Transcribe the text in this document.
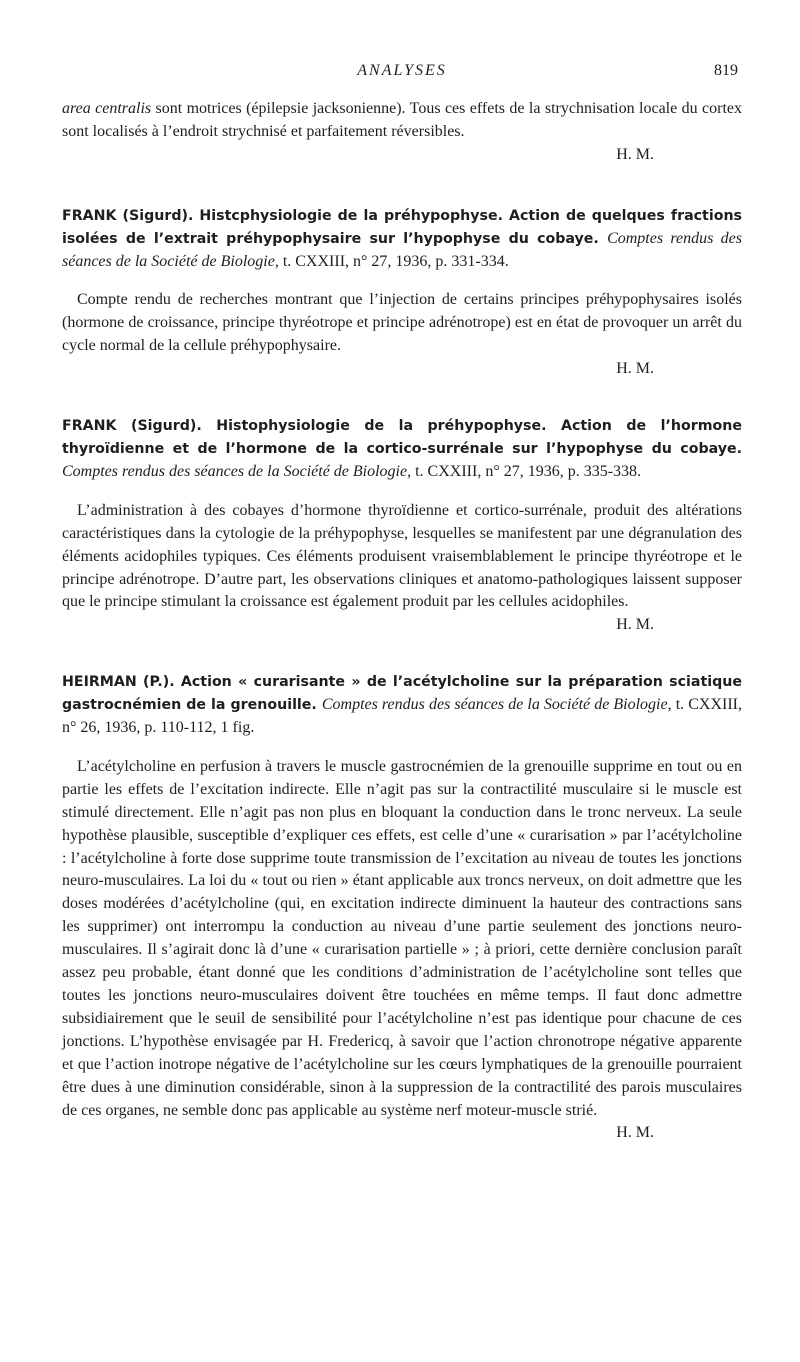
ANALYSES	819

area centralis sont motrices (épilepsie jacksonienne). Tous ces effets de la strychnisation locale du cortex sont localisés à l’endroit strychnisé et parfaitement réversibles.

H. M.

FRANK (Sigurd). Histcphysiologie de la préhypophyse. Action de quelques fractions isolées de l’extrait préhypophysaire sur l’hypophyse du cobaye. Comptes rendus des séances de la Société de Biologie, t. CXXIII, n° 27, 1936, p. 331-334.

Compte rendu de recherches montrant que l’injection de certains principes préhypophysaires isolés (hormone de croissance, principe thyréotrope et principe adrénotrope) est en état de provoquer un arrêt du cycle normal de la cellule préhypophysaire.

H. M.

FRANK (Sigurd). Histophysiologie de la préhypophyse. Action de l’hormone thyroïdienne et de l’hormone de la cortico-surrénale sur l’hypophyse du cobaye. Comptes rendus des séances de la Société de Biologie, t. CXXIII, n° 27, 1936, p. 335-338.

L’administration à des cobayes d’hormone thyroïdienne et cortico-surrénale, produit des altérations caractéristiques dans la cytologie de la préhypophyse, lesquelles se manifestent par une dégranulation des éléments acidophiles typiques. Ces éléments produisent vraisemblablement le principe thyréotrope et le principe adrénotrope. D’autre part, les observations cliniques et anatomo-pathologiques laissent supposer que le principe stimulant la croissance est également produit par les cellules acidophiles.

H. M.

HEIRMAN (P.). Action « curarisante » de l’acétylcholine sur la préparation sciatique gastrocnémien de la grenouille. Comptes rendus des séances de la Société de Biologie, t. CXXIII, n° 26, 1936, p. 110-112, 1 fig.

L’acétylcholine en perfusion à travers le muscle gastrocnémien de la grenouille supprime en tout ou en partie les effets de l’excitation indirecte. Elle n’agit pas sur la contractilité musculaire si le muscle est stimulé directement. Elle n’agit pas non plus en bloquant la conduction dans le tronc nerveux. La seule hypothèse plausible, susceptible d’expliquer ces effets, est celle d’une « curarisation » par l’acétylcholine : l’acétylcholine à forte dose supprime toute transmission de l’excitation au niveau de toutes les jonctions neuro-musculaires. La loi du « tout ou rien » étant applicable aux troncs nerveux, on doit admettre que les doses modérées d’acétylcholine (qui, en excitation indirecte diminuent la hauteur des contractions sans les supprimer) ont interrompu la conduction au niveau d’une partie seulement des jonctions neuro-musculaires. Il s’agirait donc là d’une « curarisation partielle » ; à priori, cette dernière conclusion paraît assez peu probable, étant donné que les conditions d’administration de l’acétylcholine sont telles que toutes les jonctions neuro-musculaires doivent être touchées en même temps. Il faut donc admettre subsidiairement que le seuil de sensibilité pour l’acétylcholine n’est pas identique pour chacune de ces jonctions. L’hypothèse envisagée par H. Fredericq, à savoir que l’action chronotrope négative apparente et que l’action inotrope négative de l’acétylcholine sur les cœurs lymphatiques de la grenouille pourraient être dues à une diminution considérable, sinon à la suppression de la contractilité des parois musculaires de ces organes, ne semble donc pas applicable au système nerf moteur-muscle strié.

H. M.
